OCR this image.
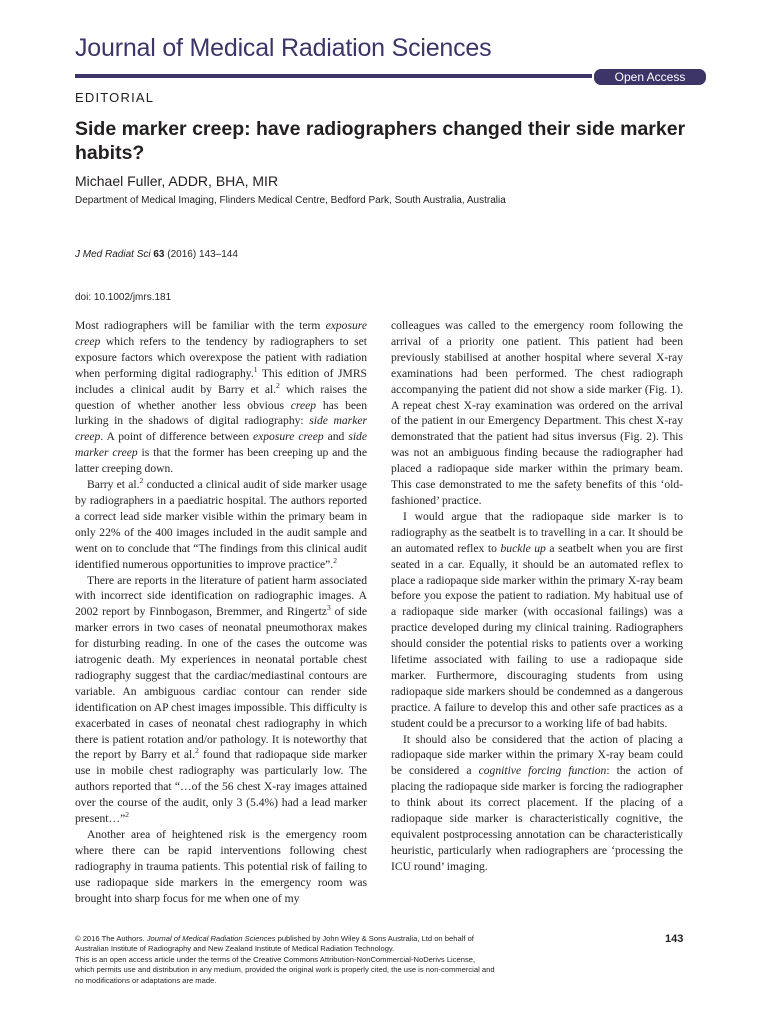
Journal of Medical Radiation Sciences
Open Access
EDITORIAL
Side marker creep: have radiographers changed their side marker habits?
Michael Fuller, ADDR, BHA, MIR
Department of Medical Imaging, Flinders Medical Centre, Bedford Park, South Australia, Australia
J Med Radiat Sci 63 (2016) 143–144
doi: 10.1002/jmrs.181

Most radiographers will be familiar with the term exposure creep which refers to the tendency by radiographers to set exposure factors which overexpose the patient with radiation when performing digital radiography.$^1$ This edition of JMRS includes a clinical audit by Barry et al.$^2$ which raises the question of whether another less obvious creep has been lurking in the shadows of digital radiography: side marker creep. A point of difference between exposure creep and side marker creep is that the former has been creeping up and the latter creeping down.

Barry et al.$^2$ conducted a clinical audit of side marker usage by radiographers in a paediatric hospital. The authors reported a correct lead side marker visible within the primary beam in only 22% of the 400 images included in the audit sample and went on to conclude that “The findings from this clinical audit identified numerous opportunities to improve practice”.$^2$

There are reports in the literature of patient harm associated with incorrect side identification on radiographic images. A 2002 report by Finnbogason, Bremmer, and Ringertz$^3$ of side marker errors in two cases of neonatal pneumothorax makes for disturbing reading. In one of the cases the outcome was iatrogenic death. My experiences in neonatal portable chest radiography suggest that the cardiac/mediastinal contours are variable. An ambiguous cardiac contour can render side identification on AP chest images impossible. This difficulty is exacerbated in cases of neonatal chest radiography in which there is patient rotation and/or pathology. It is noteworthy that the report by Barry et al.$^2$ found that radiopaque side marker use in mobile chest radiography was particularly low. The authors reported that “…of the 56 chest X-ray images attained over the course of the audit, only 3 (5.4%) had a lead marker present…”$^2$

Another area of heightened risk is the emergency room where there can be rapid interventions following chest radiography in trauma patients. This potential risk of failing to use radiopaque side markers in the emergency room was brought into sharp focus for me when one of my

colleagues was called to the emergency room following the arrival of a priority one patient. This patient had been previously stabilised at another hospital where several X-ray examinations had been performed. The chest radiograph accompanying the patient did not show a side marker (Fig. 1). A repeat chest X-ray examination was ordered on the arrival of the patient in our Emergency Department. This chest X-ray demonstrated that the patient had situs inversus (Fig. 2). This was not an ambiguous finding because the radiographer had placed a radiopaque side marker within the primary beam. This case demonstrated to me the safety benefits of this ‘old-fashioned’ practice.

I would argue that the radiopaque side marker is to radiography as the seatbelt is to travelling in a car. It should be an automated reflex to buckle up a seatbelt when you are first seated in a car. Equally, it should be an automated reflex to place a radiopaque side marker within the primary X-ray beam before you expose the patient to radiation. My habitual use of a radiopaque side marker (with occasional failings) was a practice developed during my clinical training. Radiographers should consider the potential risks to patients over a working lifetime associated with failing to use a radiopaque side marker. Furthermore, discouraging students from using radiopaque side markers should be condemned as a dangerous practice. A failure to develop this and other safe practices as a student could be a precursor to a working life of bad habits.

It should also be considered that the action of placing a radiopaque side marker within the primary X-ray beam could be considered a cognitive forcing function: the action of placing the radiopaque side marker is forcing the radiographer to think about its correct placement. If the placing of a radiopaque side marker is characteristically cognitive, the equivalent postprocessing annotation can be characteristically heuristic, particularly when radiographers are ‘processing the ICU round’ imaging.

© 2016 The Authors. Journal of Medical Radiation Sciences published by John Wiley & Sons Australia, Ltd on behalf of
Australian Institute of Radiography and New Zealand Institute of Medical Radiation Technology.
This is an open access article under the terms of the Creative Commons Attribution-NonCommercial-NoDerivs License,
which permits use and distribution in any medium, provided the original work is properly cited, the use is non-commercial and
no modifications or adaptations are made.
143
